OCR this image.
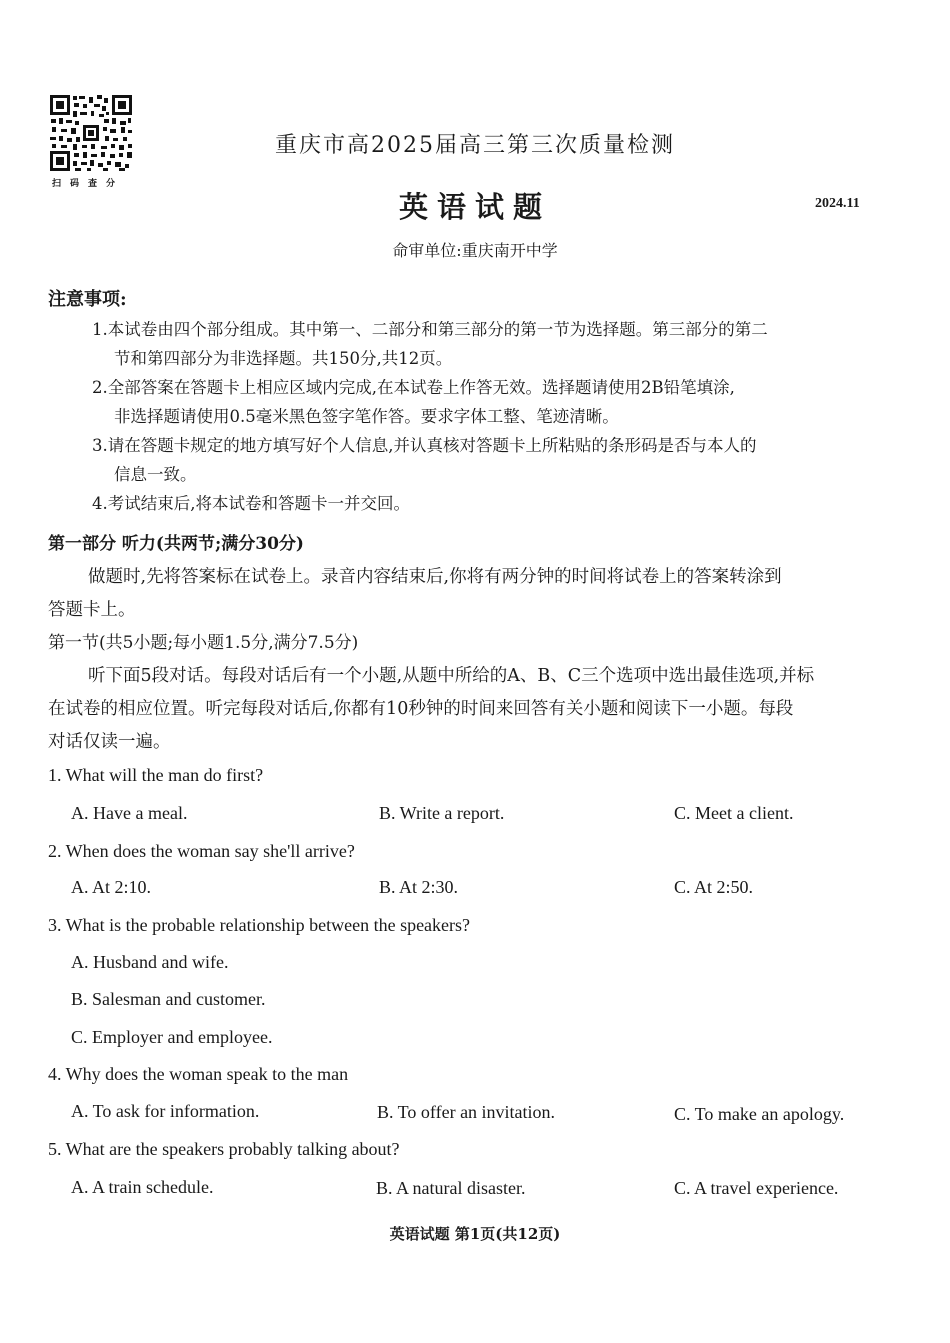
扫码查分
重庆市高2025届高三第三次质量检测
英语试题	2024.11
命审单位:重庆南开中学
注意事项:
1.本试卷由四个部分组成。其中第一、二部分和第三部分的第一节为选择题。第三部分的第二
节和第四部分为非选择题。共150分,共12页。
2.全部答案在答题卡上相应区域内完成,在本试卷上作答无效。选择题请使用2B铅笔填涂,
非选择题请使用0.5毫米黑色签字笔作答。要求字体工整、笔迹清晰。
3.请在答题卡规定的地方填写好个人信息,并认真核对答题卡上所粘贴的条形码是否与本人的
信息一致。
4.考试结束后,将本试卷和答题卡一并交回。
第一部分 听力(共两节;满分30分)
做题时,先将答案标在试卷上。录音内容结束后,你将有两分钟的时间将试卷上的答案转涂到
答题卡上。
第一节(共5小题;每小题1.5分,满分7.5分)
听下面5段对话。每段对话后有一个小题,从题中所给的A、B、C三个选项中选出最佳选项,并标
在试卷的相应位置。听完每段对话后,你都有10秒钟的时间来回答有关小题和阅读下一小题。每段
对话仅读一遍。
1. What will the man do first?
A. Have a meal.	B. Write a report.	C. Meet a client.
2. When does the woman say she'll arrive?
A. At 2:10.	B. At 2:30.	C. At 2:50.
3. What is the probable relationship between the speakers?
A. Husband and wife.
B. Salesman and customer.
C. Employer and employee.
4. Why does the woman speak to the man
A. To ask for information.	B. To offer an invitation.	C. To make an apology.
5. What are the speakers probably talking about?
A. A train schedule.	B. A natural disaster.	C. A travel experience.
英语试题 第1页(共12页)
